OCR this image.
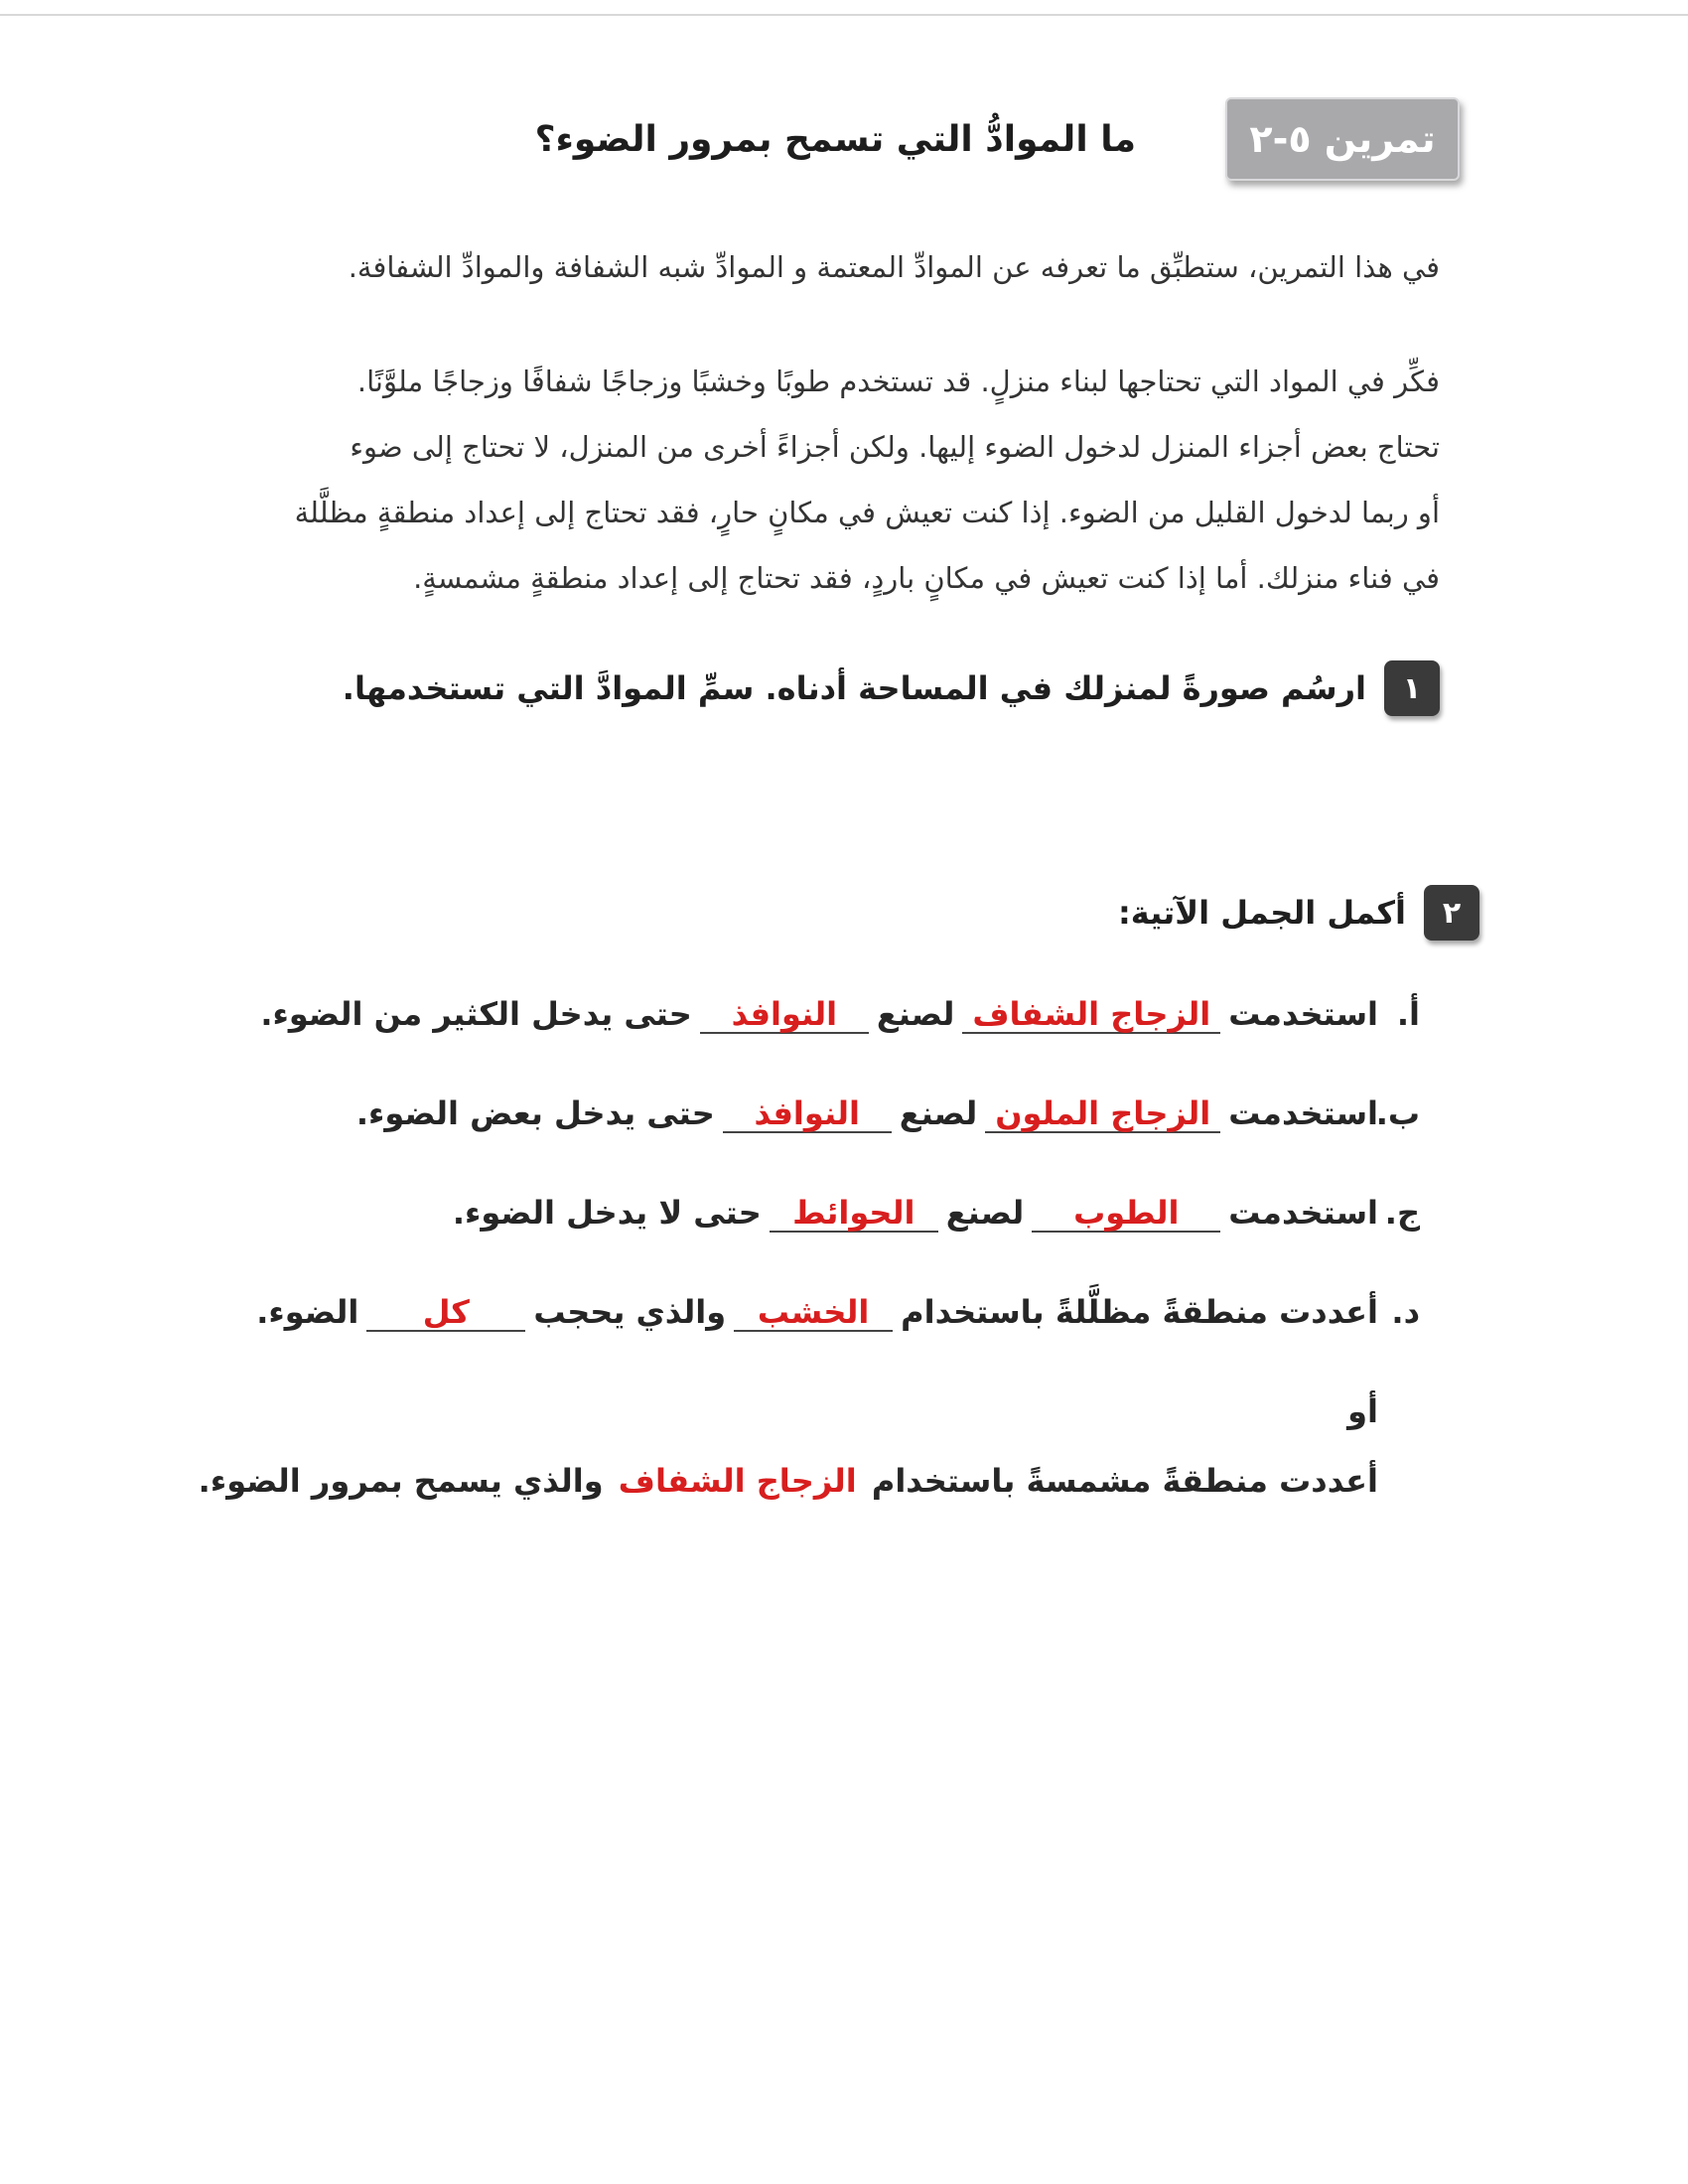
تمرين ٥-٢
ما الموادُّ التي تسمح بمرور الضوء؟
في هذا التمرين، ستطبِّق ما تعرفه عن الموادِّ المعتمة و الموادِّ شبه الشفافة والموادِّ الشفافة.
فكِّر في المواد التي تحتاجها لبناء منزلٍ. قد تستخدم طوبًا وخشبًا وزجاجًا شفافًا وزجاجًا ملوَّنًا.
تحتاج بعض أجزاء المنزل لدخول الضوء إليها. ولكن أجزاءً أخرى من المنزل، لا تحتاج إلى ضوء
أو ربما لدخول القليل من الضوء. إذا كنت تعيش في مكانٍ حارٍ، فقد تحتاج إلى إعداد منطقةٍ مظلَّلة
في فناء منزلك. أما إذا كنت تعيش في مكانٍ باردٍ، فقد تحتاج إلى إعداد منطقةٍ مشمسةٍ.
١
ارسُم صورةً لمنزلك في المساحة أدناه. سمِّ الموادَّ التي تستخدمها.
٢
أكمل الجمل الآتية:
أ.
استخدمت
الزجاج الشفاف
لصنع
النوافذ
حتى يدخل الكثير من الضوء.
ب.
استخدمت
الزجاج الملون
لصنع
النوافذ
حتى يدخل بعض الضوء.
ج.
استخدمت
الطوب
لصنع
الحوائط
حتى لا يدخل الضوء.
د.
أعددت منطقةً مظلَّلةً باستخدام
الخشب
والذي يحجب
كل
الضوء.
أو
أعددت منطقةً مشمسةً باستخدام الزجاج الشفاف والذي يسمح بمرور الضوء.
